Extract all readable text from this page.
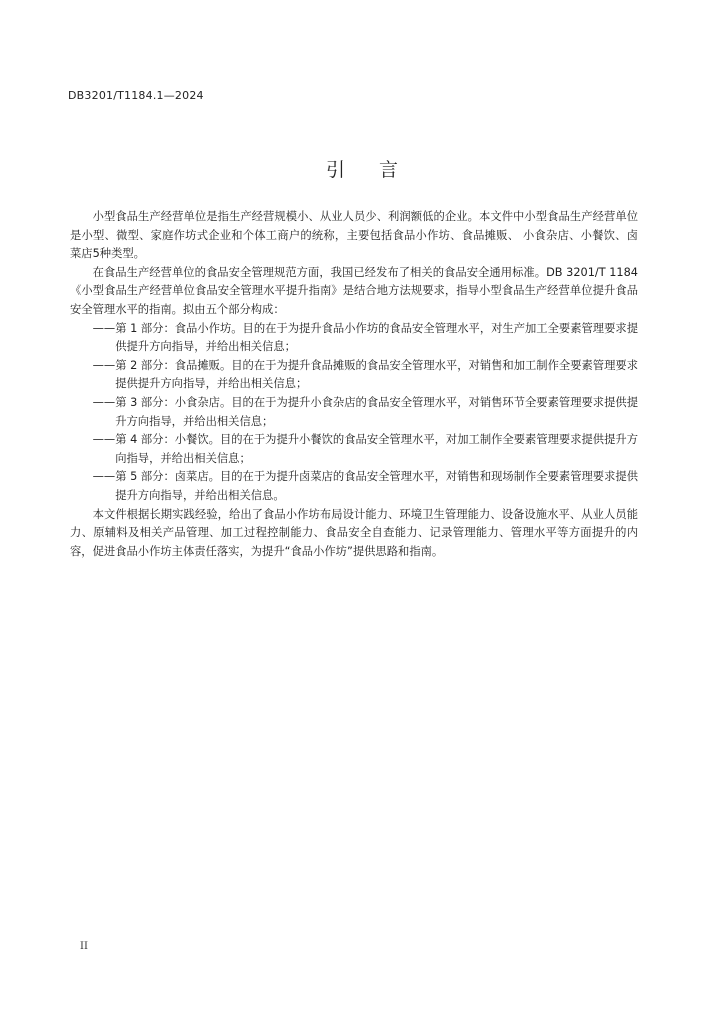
DB3201/T1184.1—2024
引言

小型食品生产经营单位是指生产经营规模小、从业人员少、利润额低的企业。本文件中小型食品生产经营单位是小型、微型、家庭作坊式企业和个体工商户的统称，主要包括食品小作坊、食品摊贩、 小食杂店、小餐饮、卤菜店5种类型。

在食品生产经营单位的食品安全管理规范方面，我国已经发布了相关的食品安全通用标准。DB 3201/T 1184《小型食品生产经营单位食品安全管理水平提升指南》是结合地方法规要求，指导小型食品生产经营单位提升食品安全管理水平的指南。拟由五个部分构成：

——第 1 部分：食品小作坊。目的在于为提升食品小作坊的食品安全管理水平，对生产加工全要素管理要求提供提升方向指导，并给出相关信息；

——第 2 部分：食品摊贩。目的在于为提升食品摊贩的食品安全管理水平，对销售和加工制作全要素管理要求提供提升方向指导，并给出相关信息；

——第 3 部分：小食杂店。目的在于为提升小食杂店的食品安全管理水平，对销售环节全要素管理要求提供提升方向指导，并给出相关信息；

——第 4 部分：小餐饮。目的在于为提升小餐饮的食品安全管理水平，对加工制作全要素管理要求提供提升方向指导，并给出相关信息；

——第 5 部分：卤菜店。目的在于为提升卤菜店的食品安全管理水平，对销售和现场制作全要素管理要求提供提升方向指导，并给出相关信息。

本文件根据长期实践经验，给出了食品小作坊布局设计能力、环境卫生管理能力、设备设施水平、从业人员能力、原辅料及相关产品管理、加工过程控制能力、食品安全自查能力、记录管理能力、管理水平等方面提升的内容，促进食品小作坊主体责任落实，为提升“食品小作坊”提供思路和指南。

II
